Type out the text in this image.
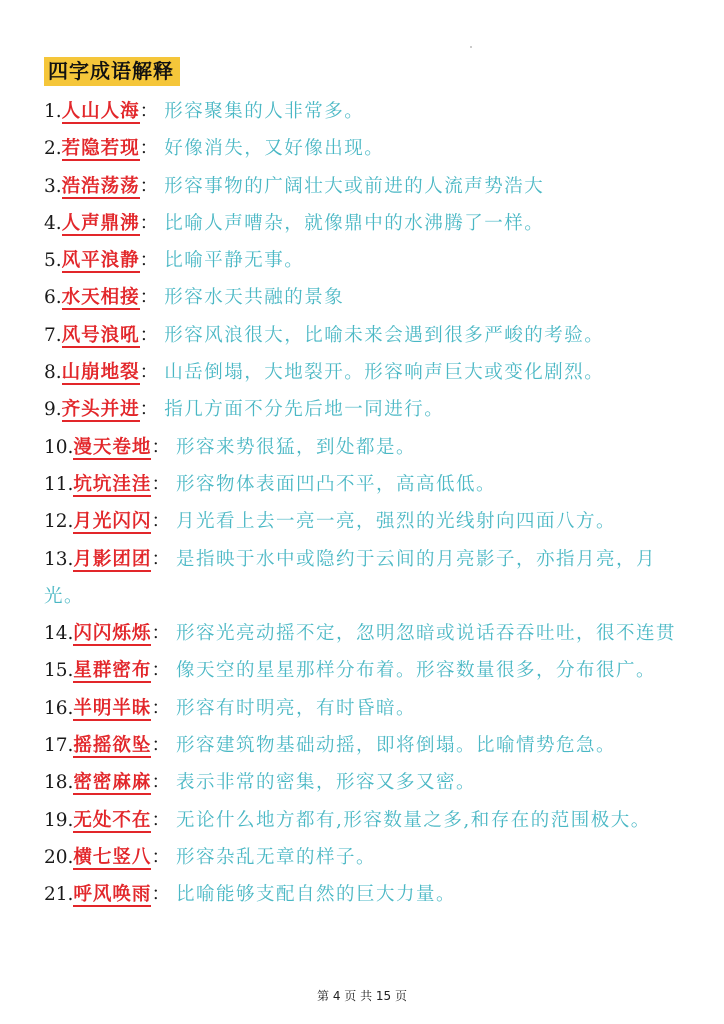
四字成语解释
1.人山人海： 形容聚集的人非常多。
2.若隐若现： 好像消失，又好像出现。
3.浩浩荡荡： 形容事物的广阔壮大或前进的人流声势浩大
4.人声鼎沸： 比喻人声嘈杂，就像鼎中的水沸腾了一样。
5.风平浪静： 比喻平静无事。
6.水天相接： 形容水天共融的景象
7.风号浪吼： 形容风浪很大，比喻未来会遇到很多严峻的考验。
8.山崩地裂： 山岳倒塌，大地裂开。形容响声巨大或变化剧烈。
9.齐头并进： 指几方面不分先后地一同进行。
10.漫天卷地： 形容来势很猛，到处都是。
11.坑坑洼洼： 形容物体表面凹凸不平，高高低低。
12.月光闪闪： 月光看上去一亮一亮，强烈的光线射向四面八方。
13.月影团团： 是指映于水中或隐约于云间的月亮影子，亦指月亮，月光。
14.闪闪烁烁： 形容光亮动摇不定，忽明忽暗或说话吞吞吐吐，很不连贯
15.星群密布： 像天空的星星那样分布着。形容数量很多，分布很广。
16.半明半昧： 形容有时明亮，有时昏暗。
17.摇摇欲坠： 形容建筑物基础动摇，即将倒塌。比喻情势危急。
18.密密麻麻： 表示非常的密集，形容又多又密。
19.无处不在： 无论什么地方都有,形容数量之多,和存在的范围极大。
20.横七竖八： 形容杂乱无章的样子。
21.呼风唤雨： 比喻能够支配自然的巨大力量。
第 4 页 共 15 页
